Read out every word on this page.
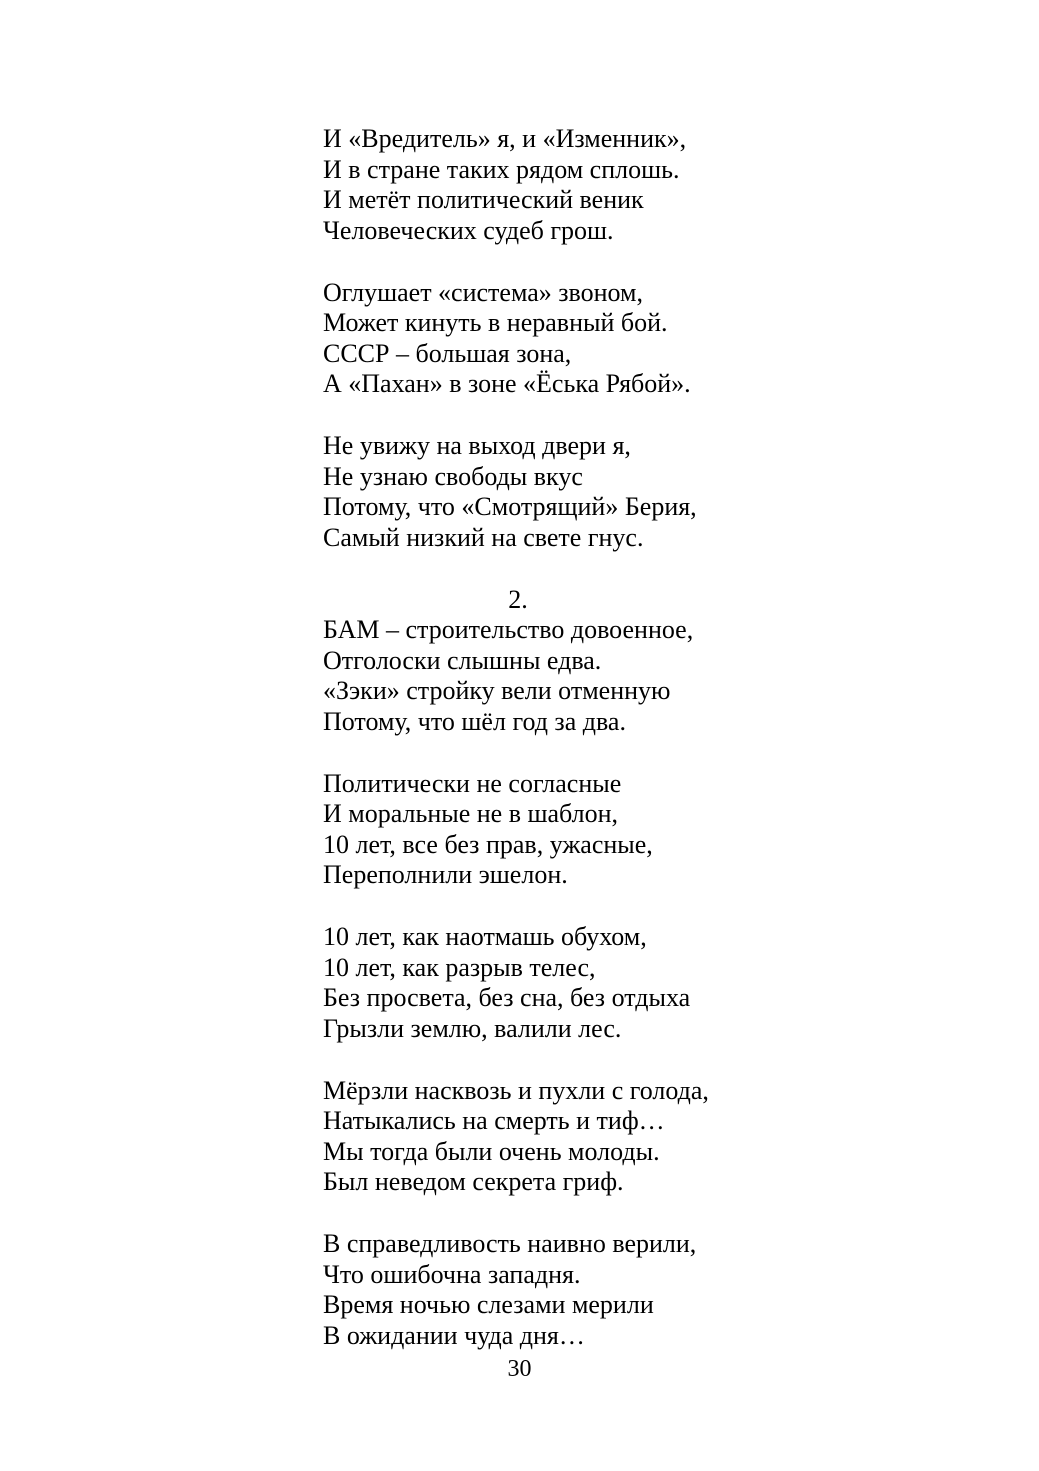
И «Вредитель» я, и «Изменник»,
И в стране таких рядом сплошь.
И метёт политический веник
Человеческих судеб грош.
Оглушает «система» звоном,
Может кинуть в неравный бой.
СССР – большая зона,
А «Пахан» в зоне «Ёська Рябой».
Не увижу на выход двери я,
Не узнаю свободы вкус
Потому, что «Смотрящий» Берия,
Самый низкий на свете гнус.
2.
БАМ – строительство довоенное,
Отголоски слышны едва.
«Зэки» стройку вели отменную
Потому, что шёл год за два.
Политически не согласные
И моральные не в шаблон,
10 лет, все без прав, ужасные,
Переполнили эшелон.
10 лет, как наотмашь обухом,
10 лет, как разрыв телес,
Без просвета, без сна, без отдыха
Грызли землю, валили лес.
Мёрзли насквозь и пухли с голода,
Натыкались на смерть и тиф…
Мы тогда были очень молоды.
Был неведом секрета гриф.
В справедливость наивно верили,
Что ошибочна западня.
Время ночью слезами мерили
В ожидании чуда дня…
30
